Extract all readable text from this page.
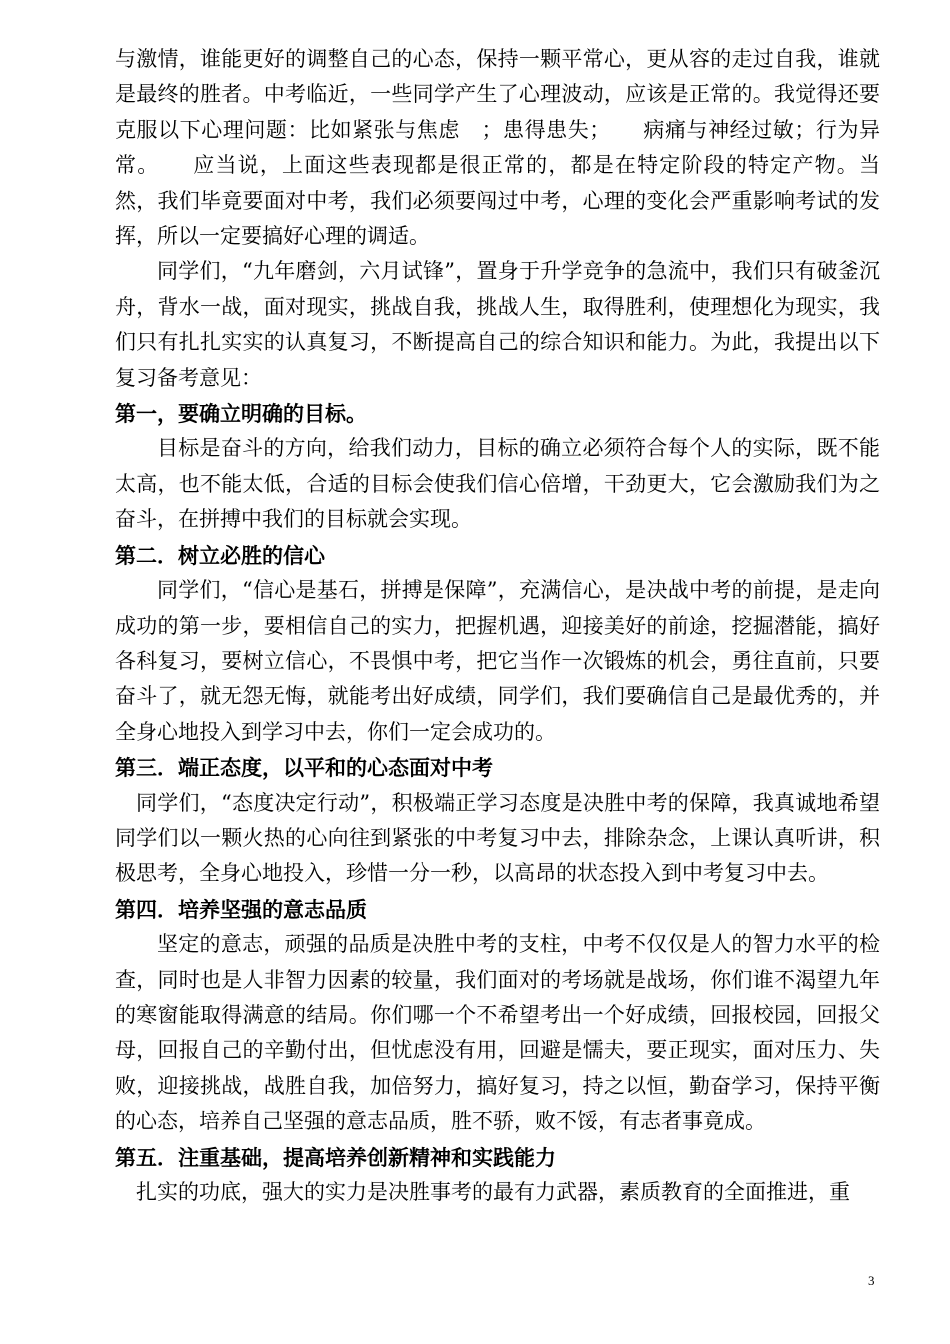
与激情，谁能更好的调整自己的心态，保持一颗平常心，更从容的走过自我，谁就是最终的胜者。中考临近，一些同学产生了心理波动，应该是正常的。我觉得还要克服以下心理问题：比如紧张与焦虑　；患得患失；　　病痛与神经过敏；行为异常。　　应当说，上面这些表现都是很正常的，都是在特定阶段的特定产物。当然，我们毕竟要面对中考，我们必须要闯过中考，心理的变化会严重影响考试的发挥，所以一定要搞好心理的调适。

同学们，“九年磨剑，六月试锋”，置身于升学竞争的急流中，我们只有破釜沉舟，背水一战，面对现实，挑战自我，挑战人生，取得胜利，使理想化为现实，我们只有扎扎实实的认真复习，不断提高自己的综合知识和能力。为此，我提出以下复习备考意见：

第一，要确立明确的目标。

目标是奋斗的方向，给我们动力，目标的确立必须符合每个人的实际，既不能太高，也不能太低，合适的目标会使我们信心倍增，干劲更大，它会激励我们为之奋斗，在拼搏中我们的目标就会实现。

第二．树立必胜的信心

同学们，“信心是基石，拼搏是保障”，充满信心，是决战中考的前提，是走向成功的第一步，要相信自己的实力，把握机遇，迎接美好的前途，挖掘潜能，搞好各科复习，要树立信心，不畏惧中考，把它当作一次锻炼的机会，勇往直前，只要奋斗了，就无怨无悔，就能考出好成绩，同学们，我们要确信自己是最优秀的，并全身心地投入到学习中去，你们一定会成功的。

第三．端正态度，以平和的心态面对中考

同学们，“态度决定行动”，积极端正学习态度是决胜中考的保障，我真诚地希望同学们以一颗火热的心向往到紧张的中考复习中去，排除杂念，上课认真听讲，积极思考，全身心地投入，珍惜一分一秒，以高昂的状态投入到中考复习中去。

第四．培养坚强的意志品质

坚定的意志，顽强的品质是决胜中考的支柱，中考不仅仅是人的智力水平的检查，同时也是人非智力因素的较量，我们面对的考场就是战场，你们谁不渴望九年的寒窗能取得满意的结局。你们哪一个不希望考出一个好成绩，回报校园，回报父母，回报自己的辛勤付出，但忧虑没有用，回避是懦夫，要正现实，面对压力、失败，迎接挑战，战胜自我，加倍努力，搞好复习，持之以恒，勤奋学习，保持平衡的心态，培养自己坚强的意志品质，胜不骄，败不馁，有志者事竟成。

第五．注重基础，提高培养创新精神和实践能力

扎实的功底，强大的实力是决胜事考的最有力武器，素质教育的全面推进，重

3
